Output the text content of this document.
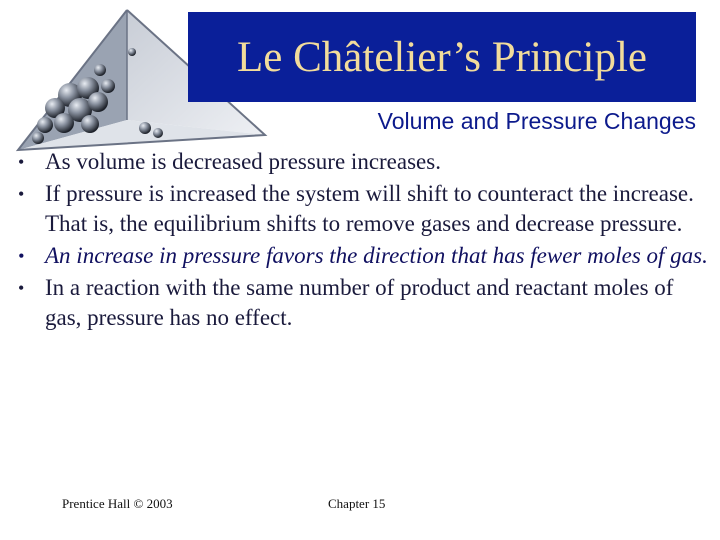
Le Châtelier’s Principle
Volume and Pressure Changes
• As volume is decreased pressure increases.
• If pressure is increased the system will shift to counteract the increase. That is, the equilibrium shifts to remove gases and decrease pressure.
• An increase in pressure favors the direction that has fewer moles of gas.
• In a reaction with the same number of product and reactant moles of gas, pressure has no effect.
Prentice Hall © 2003	Chapter 15
